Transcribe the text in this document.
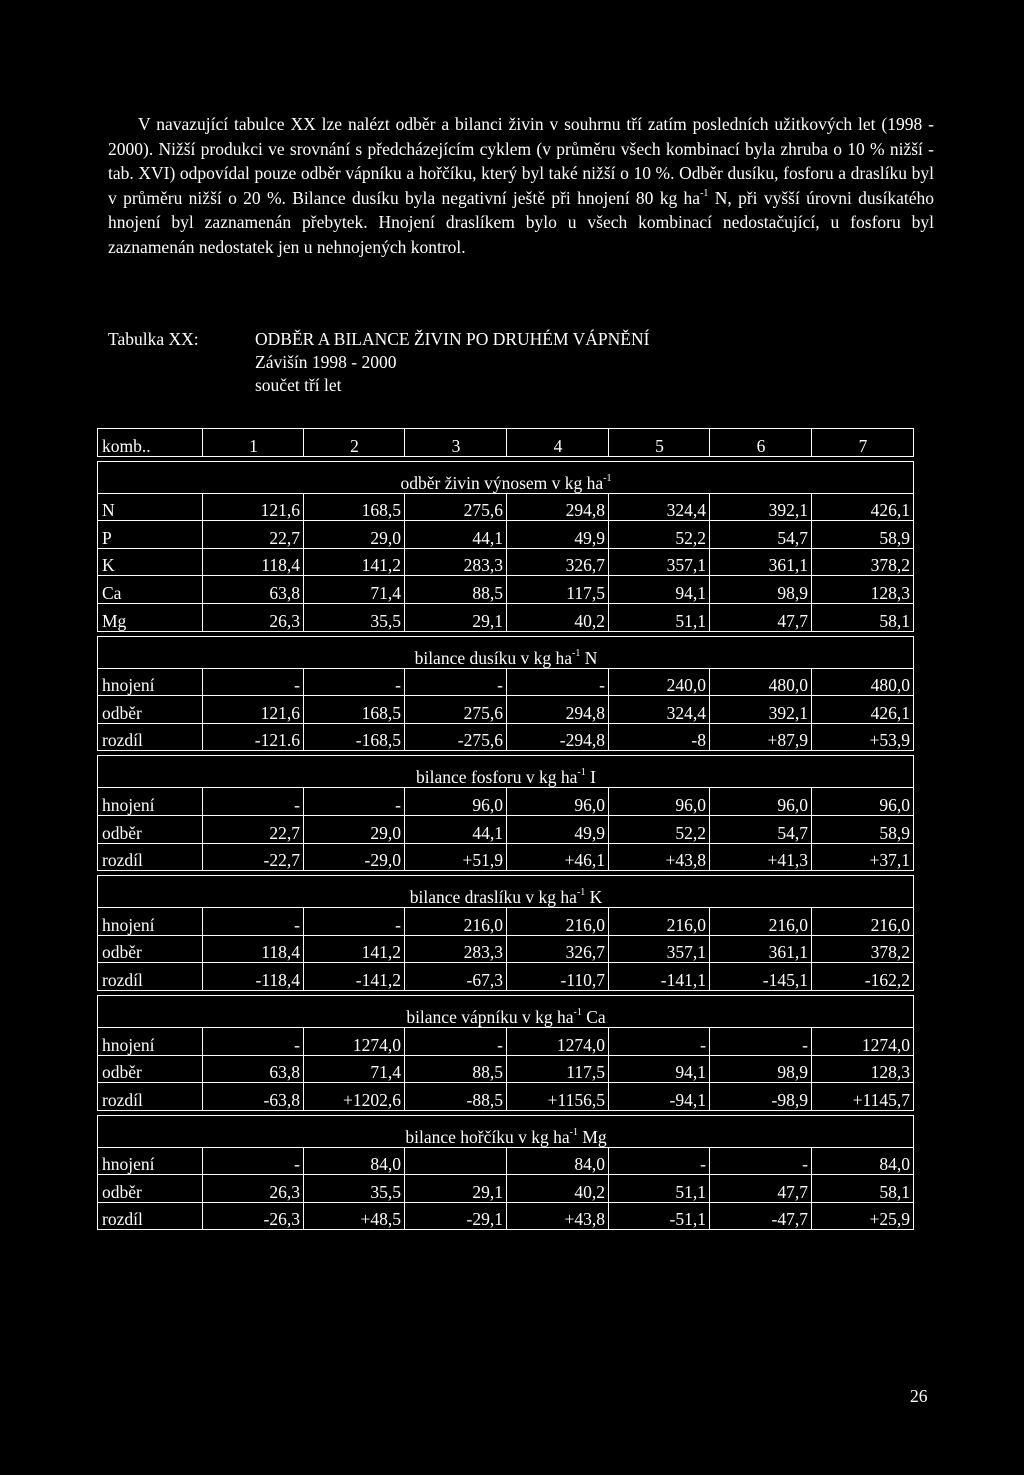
V navazující tabulce XX lze nalézt odběr a bilanci živin v souhrnu tří zatím posledních užitkových let (1998 - 2000). Nižší produkci ve srovnání s předcházejícím cyklem (v průměru všech kombinací byla zhruba o 10 % nižší - tab. XVI) odpovídal pouze odběr vápníku a hořčíku, který byl také nižší o 10 %. Odběr dusíku, fosforu a draslíku byl v průměru nižší o 20 %. Bilance dusíku byla negativní ještě při hnojení 80 kg $ha^{-1}$ N, při vyšší úrovni dusíkatého hnojení byl zaznamenán přebytek. Hnojení draslíkem bylo u všech kombinací nedostačující, u fosforu byl zaznamenán nedostatek jen u nehnojených kontrol.

Tabulka XX:	ODBĚR A BILANCE ŽIVIN PO DRUHÉM VÁPNĚNÍ
Závišín 1998 - 2000
součet tří let
komb..	1	2	3	4	5	6	7

odběr živin výnosem v kg $ha^{-1}$
N	121,6	168,5	275,6	294,8	324,4	392,1	426,1
P	22,7	29,0	44,1	49,9	52,2	54,7	58,9
K	118,4	141,2	283,3	326,7	357,1	361,1	378,2
Ca	63,8	71,4	88,5	117,5	94,1	98,9	128,3
Mg	26,3	35,5	29,1	40,2	51,1	47,7	58,1

bilance dusíku v kg $ha^{-1}$ N							
hnojení	-	-	-	-	240,0	480,0	480,0
odběr	121,6	168,5	275,6	294,8	324,4	392,1	426,1
rozdíl	-121.6	-168,5	-275,6	-294,8	-8	+87,9	+53,9

bilance fosforu v kg $ha^{-1}$ I							
hnojení	-	-	96,0	96,0	96,0	96,0	96,0
odběr	22,7	29,0	44,1	49,9	52,2	54,7	58,9
rozdíl	-22,7	-29,0	+51,9	+46,1	+43,8	+41,3	+37,1

bilance draslíku v kg $ha^{-1}$ K							
hnojení	-	-	216,0	216,0	216,0	216,0	216,0
odběr	118,4	141,2	283,3	326,7	357,1	361,1	378,2
rozdíl	-118,4	-141,2	-67,3	-110,7	-141,1	-145,1	-162,2

bilance vápníku v kg $ha^{-1}$ Ca							
hnojení	-	1274,0	-	1274,0	-	-	1274,0
odběr	63,8	71,4	88,5	117,5	94,1	98,9	128,3
rozdíl	-63,8	+1202,6	-88,5	+1156,5	-94,1	-98,9	+1145,7

bilance hořčíku v kg $ha^{-1}$ Mg							
hnojení	-	84,0		84,0	-	-	84,0
odběr	26,3	35,5	29,1	40,2	51,1	47,7	58,1
rozdíl	-26,3	+48,5	-29,1	+43,8	-51,1	-47,7	+25,9
26
